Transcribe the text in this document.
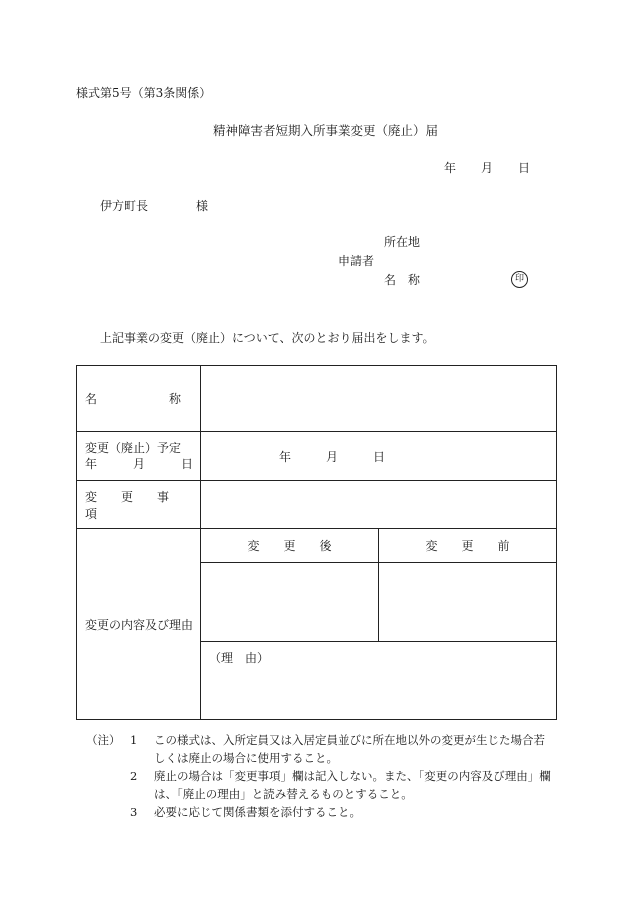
様式第5号（第3条関係）
精神障害者短期入所事業変更（廃止）届
年 月 日
伊方町長	様
所在地
申請者
名　称	印
上記事業の変更（廃止）について、次のとおり届出をします。
名　　　　　　称		

変更（廃止）予定
年　　　月　　　日	年 月 日	
変　　更　　事　　項		
変更の内容及び理由	変　　更　　後	変　　更　　前

	（理　由）	
（注） 1	この様式は、入所定員又は入居定員並びに所在地以外の変更が生じた場合若しくは廃止の場合に使用すること。
2	廃止の場合は「変更事項」欄は記入しない。また、「変更の内容及び理由」欄は、「廃止の理由」と読み替えるものとすること。
3	必要に応じて関係書類を添付すること。
